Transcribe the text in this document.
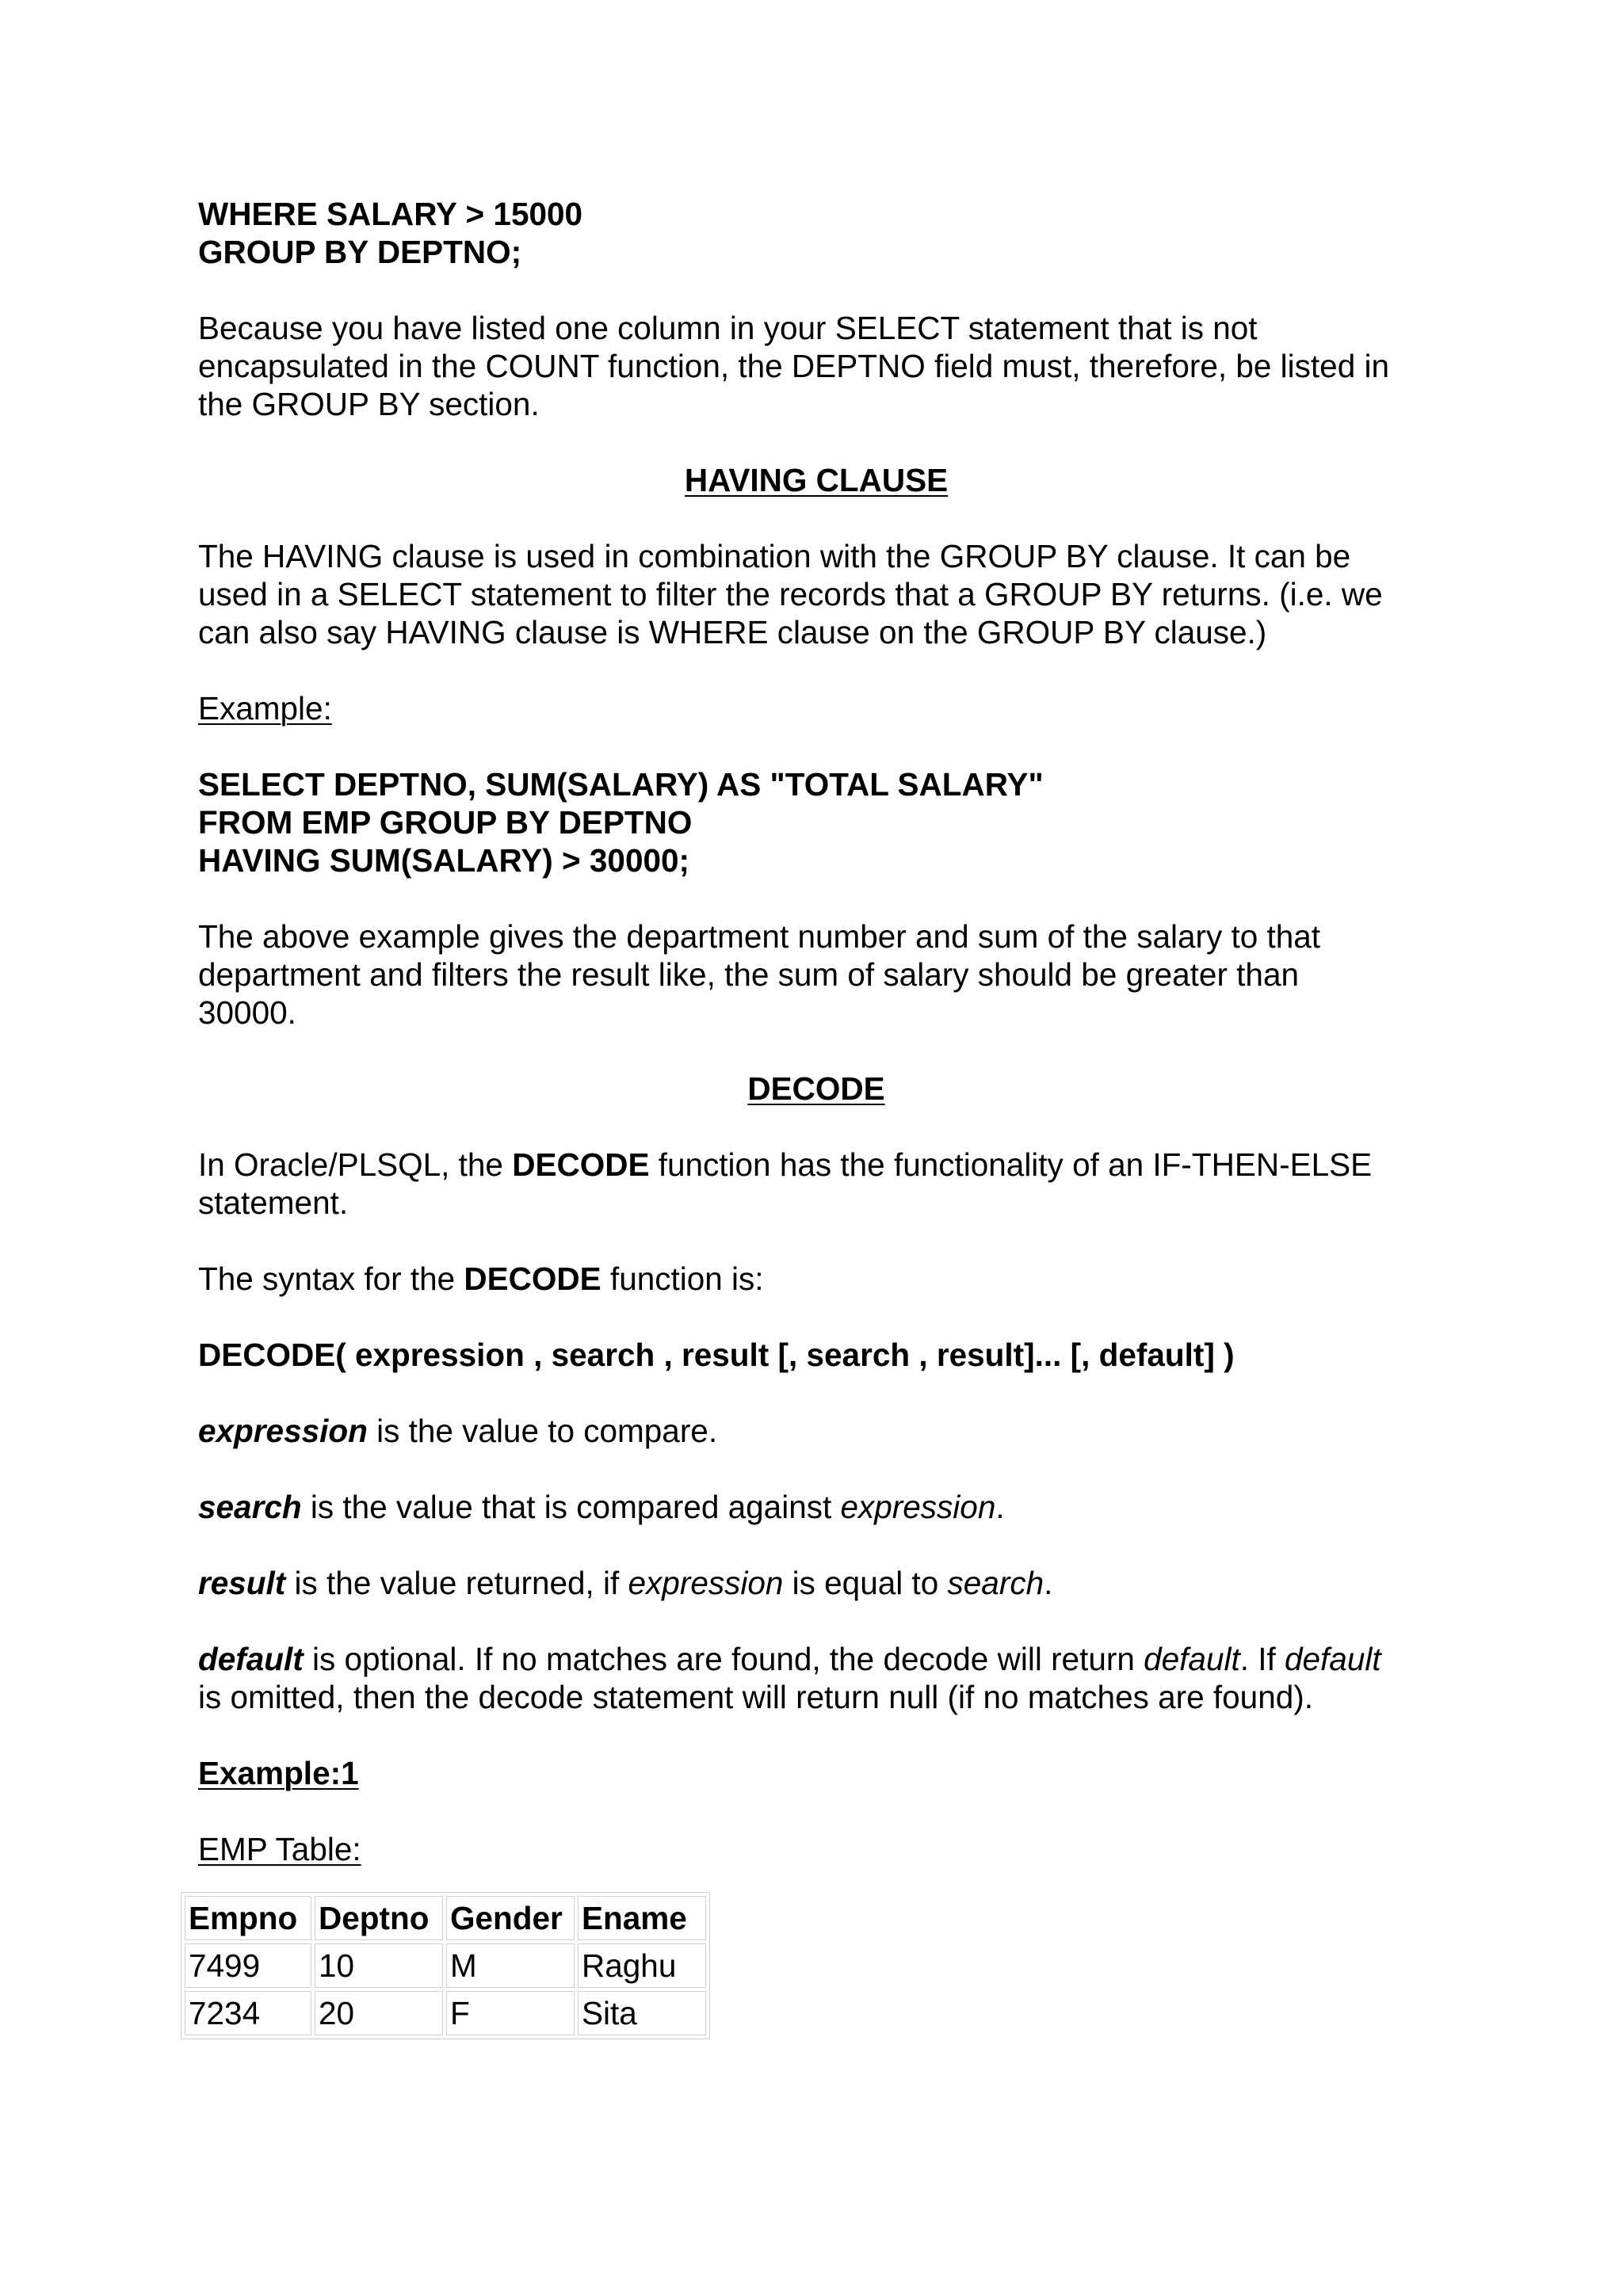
WHERE SALARY > 15000
GROUP BY DEPTNO;
Because you have listed one column in your SELECT statement that is not
encapsulated in the COUNT function, the DEPTNO field must, therefore, be listed in
the GROUP BY section.
HAVING CLAUSE
The HAVING clause is used in combination with the GROUP BY clause. It can be
used in a SELECT statement to filter the records that a GROUP BY returns. (i.e. we
can also say HAVING clause is WHERE clause on the GROUP BY clause.)
Example:
SELECT DEPTNO, SUM(SALARY) AS "TOTAL SALARY"
FROM EMP GROUP BY DEPTNO
HAVING SUM(SALARY) > 30000;
The above example gives the department number and sum of the salary to that
department and filters the result like, the sum of salary should be greater than
30000.
DECODE
In Oracle/PLSQL, the DECODE function has the functionality of an IF-THEN-ELSE
statement.
The syntax for the DECODE function is:
DECODE( expression , search , result [, search , result]... [, default] )
expression is the value to compare.
search is the value that is compared against expression.
result is the value returned, if expression is equal to search.
default is optional. If no matches are found, the decode will return default. If default
is omitted, then the decode statement will return null (if no matches are found).
Example:1
EMP Table:
Empno	Deptno	Gender	Ename
7499	10	M	Raghu
7234	20	F	Sita
